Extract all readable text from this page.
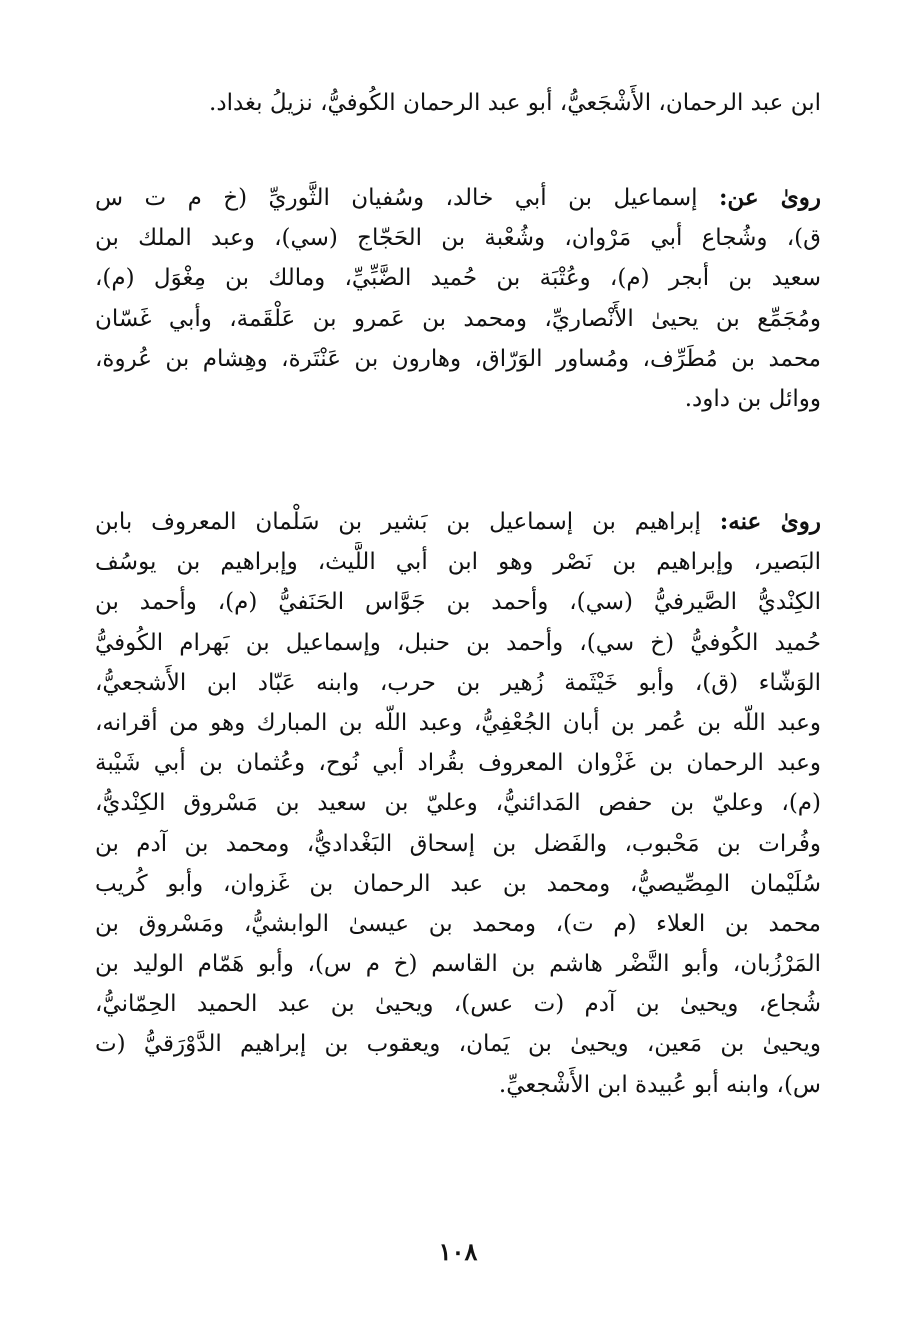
ابن عبد الرحمان، الأَشْجَعيُّ، أبو عبد الرحمان الكُوفيُّ، نزيلُ بغداد.
روىٰ عن: إسماعيل بن أبي خالد، وسُفيان الثَّوريِّ (خ م ت س
ق)، وشُجاع أبي مَرْوان، وشُعْبة بن الحَجّاج (سي)، وعبد الملك بن
سعيد بن أبجر (م)، وعُتْبَة بن حُميد الضَّبِّيِّ، ومالك بن مِغْوَل (م)،
ومُجَمِّع بن يحيىٰ الأَنْصاريِّ، ومحمد بن عَمرو بن عَلْقَمة، وأبي غَسّان
محمد بن مُطَرِّف، ومُساور الوَرّاق، وهارون بن عَنْتَرة، وهِشام بن عُروة،
ووائل بن داود.
روىٰ عنه: إبراهيم بن إسماعيل بن بَشير بن سَلْمان المعروف بابن
البَصير، وإبراهيم بن نَصْر وهو ابن أبي اللَّيث، وإبراهيم بن يوسُف
الكِنْديُّ الصَّيرفيُّ (سي)، وأحمد بن جَوَّاس الحَنَفيُّ (م)، وأحمد بن
حُميد الكُوفيُّ (خ سي)، وأحمد بن حنبل، وإسماعيل بن بَهرام الكُوفيُّ
الوَشّاء (ق)، وأبو خَيْثَمة زُهير بن حرب، وابنه عَبّاد ابن الأَشجعيُّ،
وعبد اللّه بن عُمر بن أبان الجُعْفِيُّ، وعبد اللّه بن المبارك وهو من أقرانه،
وعبد الرحمان بن غَزْوان المعروف بقُراد أبي نُوح، وعُثمان بن أبي شَيْبة
(م)، وعليّ بن حفص المَدائنيُّ، وعليّ بن سعيد بن مَسْروق الكِنْديُّ،
وفُرات بن مَحْبوب، والفَضل بن إسحاق البَغْداديُّ، ومحمد بن آدم بن
سُلَيْمان المِصِّيصيُّ، ومحمد بن عبد الرحمان بن غَزوان، وأبو كُريب
محمد بن العلاء (م ت)، ومحمد بن عيسىٰ الوابشيُّ، ومَسْروق بن
المَرْزُبان، وأبو النَّضْر هاشم بن القاسم (خ م س)، وأبو هَمّام الوليد بن
شُجاع، ويحيىٰ بن آدم (ت عس)، ويحيىٰ بن عبد الحميد الحِمّانيُّ،
ويحيىٰ بن مَعين، ويحيىٰ بن يَمان، ويعقوب بن إبراهيم الدَّوْرَقيُّ (ت
س)، وابنه أبو عُبيدة ابن الأَشْجعيِّ.
١٠٨
